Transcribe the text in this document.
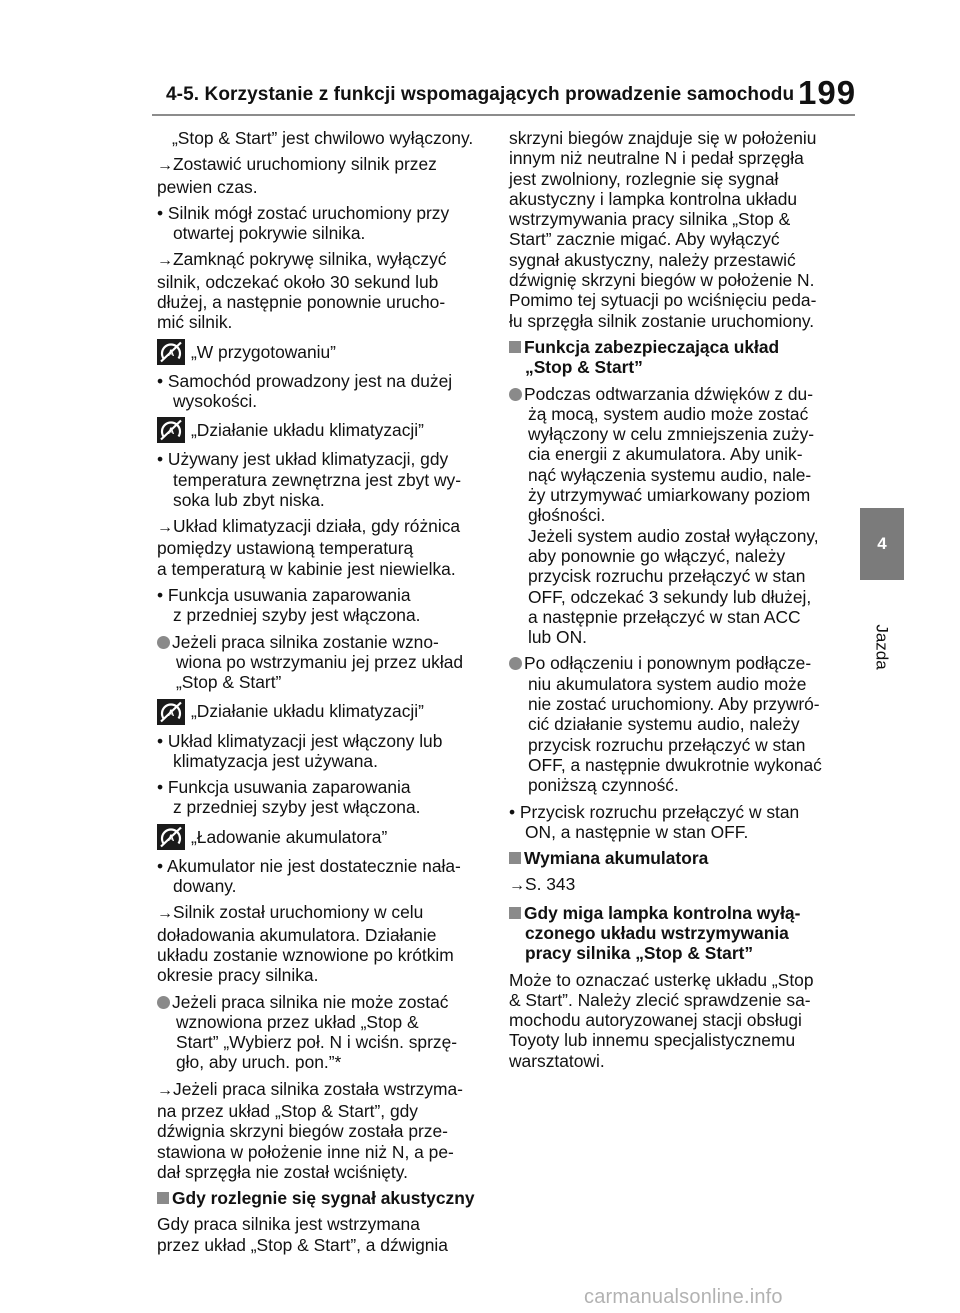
4-5. Korzystanie z funkcji wspomagających prowadzenie samochodu 199
4
Jazda
„Stop & Start” jest chwilowo wyłączony.
→Zostawić uruchomiony silnik przez
pewien czas.
• Silnik mógł zostać uruchomiony przy
otwartej pokrywie silnika.
→Zamknąć pokrywę silnika, wyłączyć
silnik, odczekać około 30 sekund lub
dłużej, a następnie ponownie urucho-
mić silnik.
„W przygotowaniu”
• Samochód prowadzony jest na dużej
wysokości.
„Działanie układu klimatyzacji”
• Używany jest układ klimatyzacji, gdy
temperatura zewnętrzna jest zbyt wy-
soka lub zbyt niska.
→Układ klimatyzacji działa, gdy różnica
pomiędzy ustawioną temperaturą
a temperaturą w kabinie jest niewielka.
• Funkcja usuwania zaparowania
z przedniej szyby jest włączona.
Jeżeli praca silnika zostanie wzno-
wiona po wstrzymaniu jej przez układ
„Stop & Start”
„Działanie układu klimatyzacji”
• Układ klimatyzacji jest włączony lub
klimatyzacja jest używana.
• Funkcja usuwania zaparowania
z przedniej szyby jest włączona.
„Ładowanie akumulatora”
• Akumulator nie jest dostatecznie nała-
dowany.
→Silnik został uruchomiony w celu
doładowania akumulatora. Działanie
układu zostanie wznowione po krótkim
okresie pracy silnika.
Jeżeli praca silnika nie może zostać
wznowiona przez układ „Stop &
Start” „Wybierz poł. N i wciśn. sprzę-
gło, aby uruch. pon.”*
→Jeżeli praca silnika została wstrzyma-
na przez układ „Stop & Start”, gdy
dźwignia skrzyni biegów została prze-
stawiona w położenie inne niż N, a pe-
dał sprzęgła nie został wciśnięty.
Gdy rozlegnie się sygnał akustyczny
Gdy praca silnika jest wstrzymana
przez układ „Stop & Start”, a dźwignia
skrzyni biegów znajduje się w położeniu
innym niż neutralne N i pedał sprzęgła
jest zwolniony, rozlegnie się sygnał
akustyczny i lampka kontrolna układu
wstrzymywania pracy silnika „Stop &
Start” zacznie migać. Aby wyłączyć
sygnał akustyczny, należy przestawić
dźwignię skrzyni biegów w położenie N.
Pomimo tej sytuacji po wciśnięciu peda-
łu sprzęgła silnik zostanie uruchomiony.
Funkcja zabezpieczająca układ
„Stop & Start”
Podczas odtwarzania dźwięków z du-
żą mocą, system audio może zostać
wyłączony w celu zmniejszenia zuży-
cia energii z akumulatora. Aby unik-
nąć wyłączenia systemu audio, nale-
ży utrzymywać umiarkowany poziom
głośności.
Jeżeli system audio został wyłączony,
aby ponownie go włączyć, należy
przycisk rozruchu przełączyć w stan
OFF, odczekać 3 sekundy lub dłużej,
a następnie przełączyć w stan ACC
lub ON.
Po odłączeniu i ponownym podłącze-
niu akumulatora system audio może
nie zostać uruchomiony. Aby przywró-
cić działanie systemu audio, należy
przycisk rozruchu przełączyć w stan
OFF, a następnie dwukrotnie wykonać
poniższą czynność.
• Przycisk rozruchu przełączyć w stan
ON, a następnie w stan OFF.
Wymiana akumulatora
→S. 343
Gdy miga lampka kontrolna wyłą-
czonego układu wstrzymywania
pracy silnika „Stop & Start”
Może to oznaczać usterkę układu „Stop
& Start”. Należy zlecić sprawdzenie sa-
mochodu autoryzowanej stacji obsługi
Toyoty lub innemu specjalistycznemu
warsztatowi.
carmanualsonline.info
